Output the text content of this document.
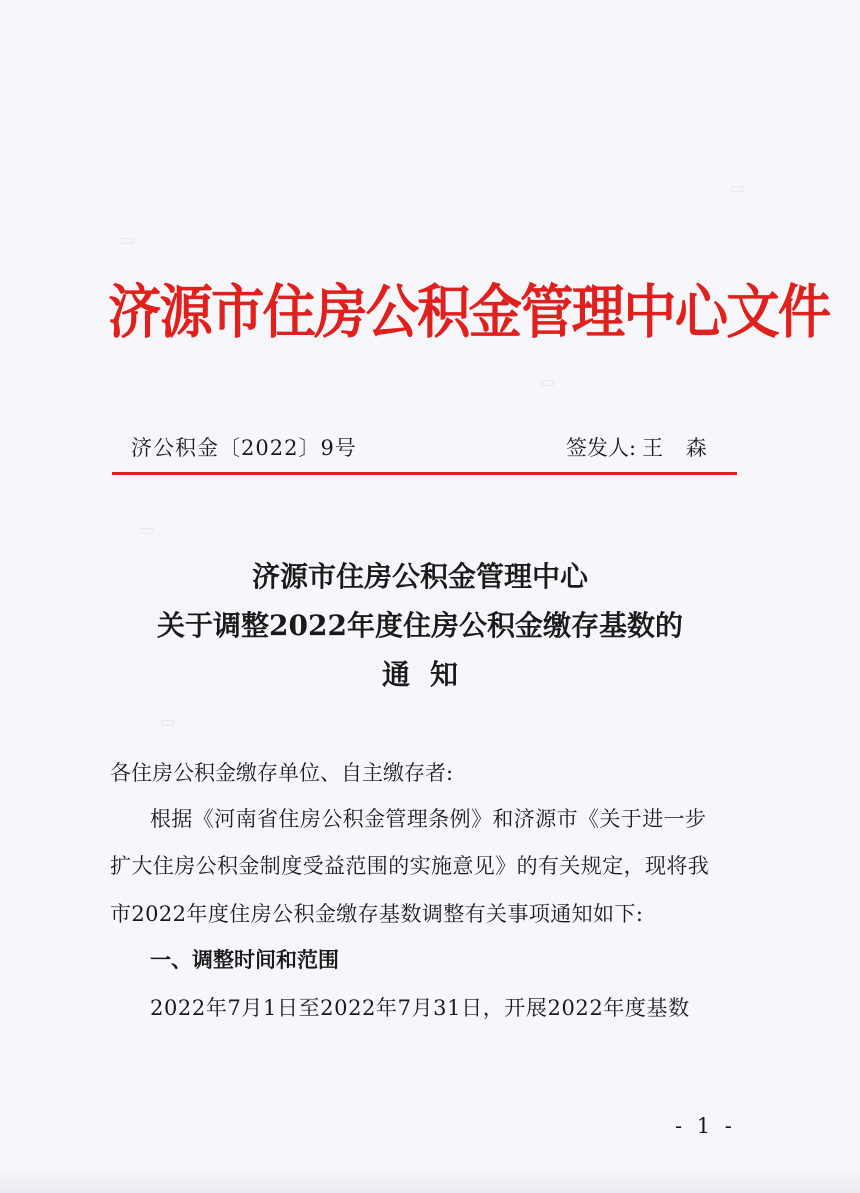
▭
▭
▭
▭
▭
济源市住房公积金管理中心文件
济公积金〔2022〕9号	签发人: 王 森
济源市住房公积金管理中心
关于调整2022年度住房公积金缴存基数的
通知
各住房公积金缴存单位、自主缴存者:
根据《河南省住房公积金管理条例》和济源市《关于进一步
扩大住房公积金制度受益范围的实施意见》的有关规定，现将我
市2022年度住房公积金缴存基数调整有关事项通知如下:
一、调整时间和范围
2022年7月1日至2022年7月31日，开展2022年度基数
- 1 -
